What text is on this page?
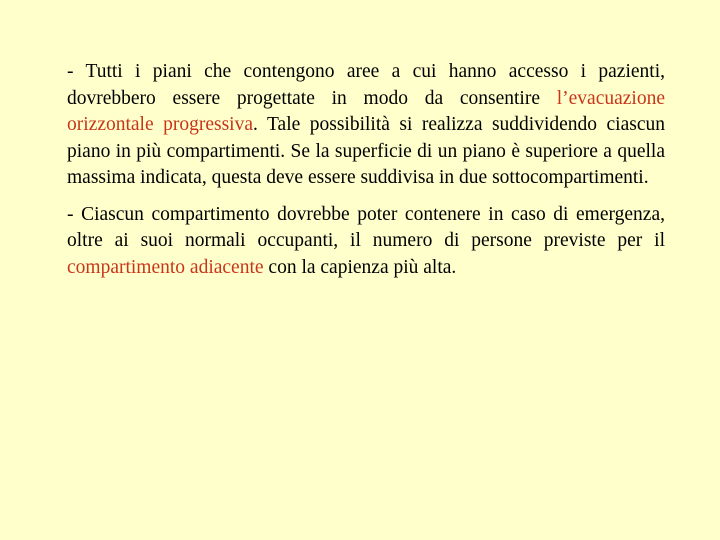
- Tutti i piani che contengono aree a cui hanno accesso i pazienti, dovrebbero essere progettate in modo da consentire l’evacuazione orizzontale progressiva. Tale possibilità si realizza suddividendo ciascun piano in più compartimenti. Se la superficie di un piano è superiore a quella massima indicata, questa deve essere suddivisa in due sottocompartimenti.

- Ciascun compartimento dovrebbe poter contenere in caso di emergenza, oltre ai suoi normali occupanti, il numero di persone previste per il compartimento adiacente con la capienza più alta.
